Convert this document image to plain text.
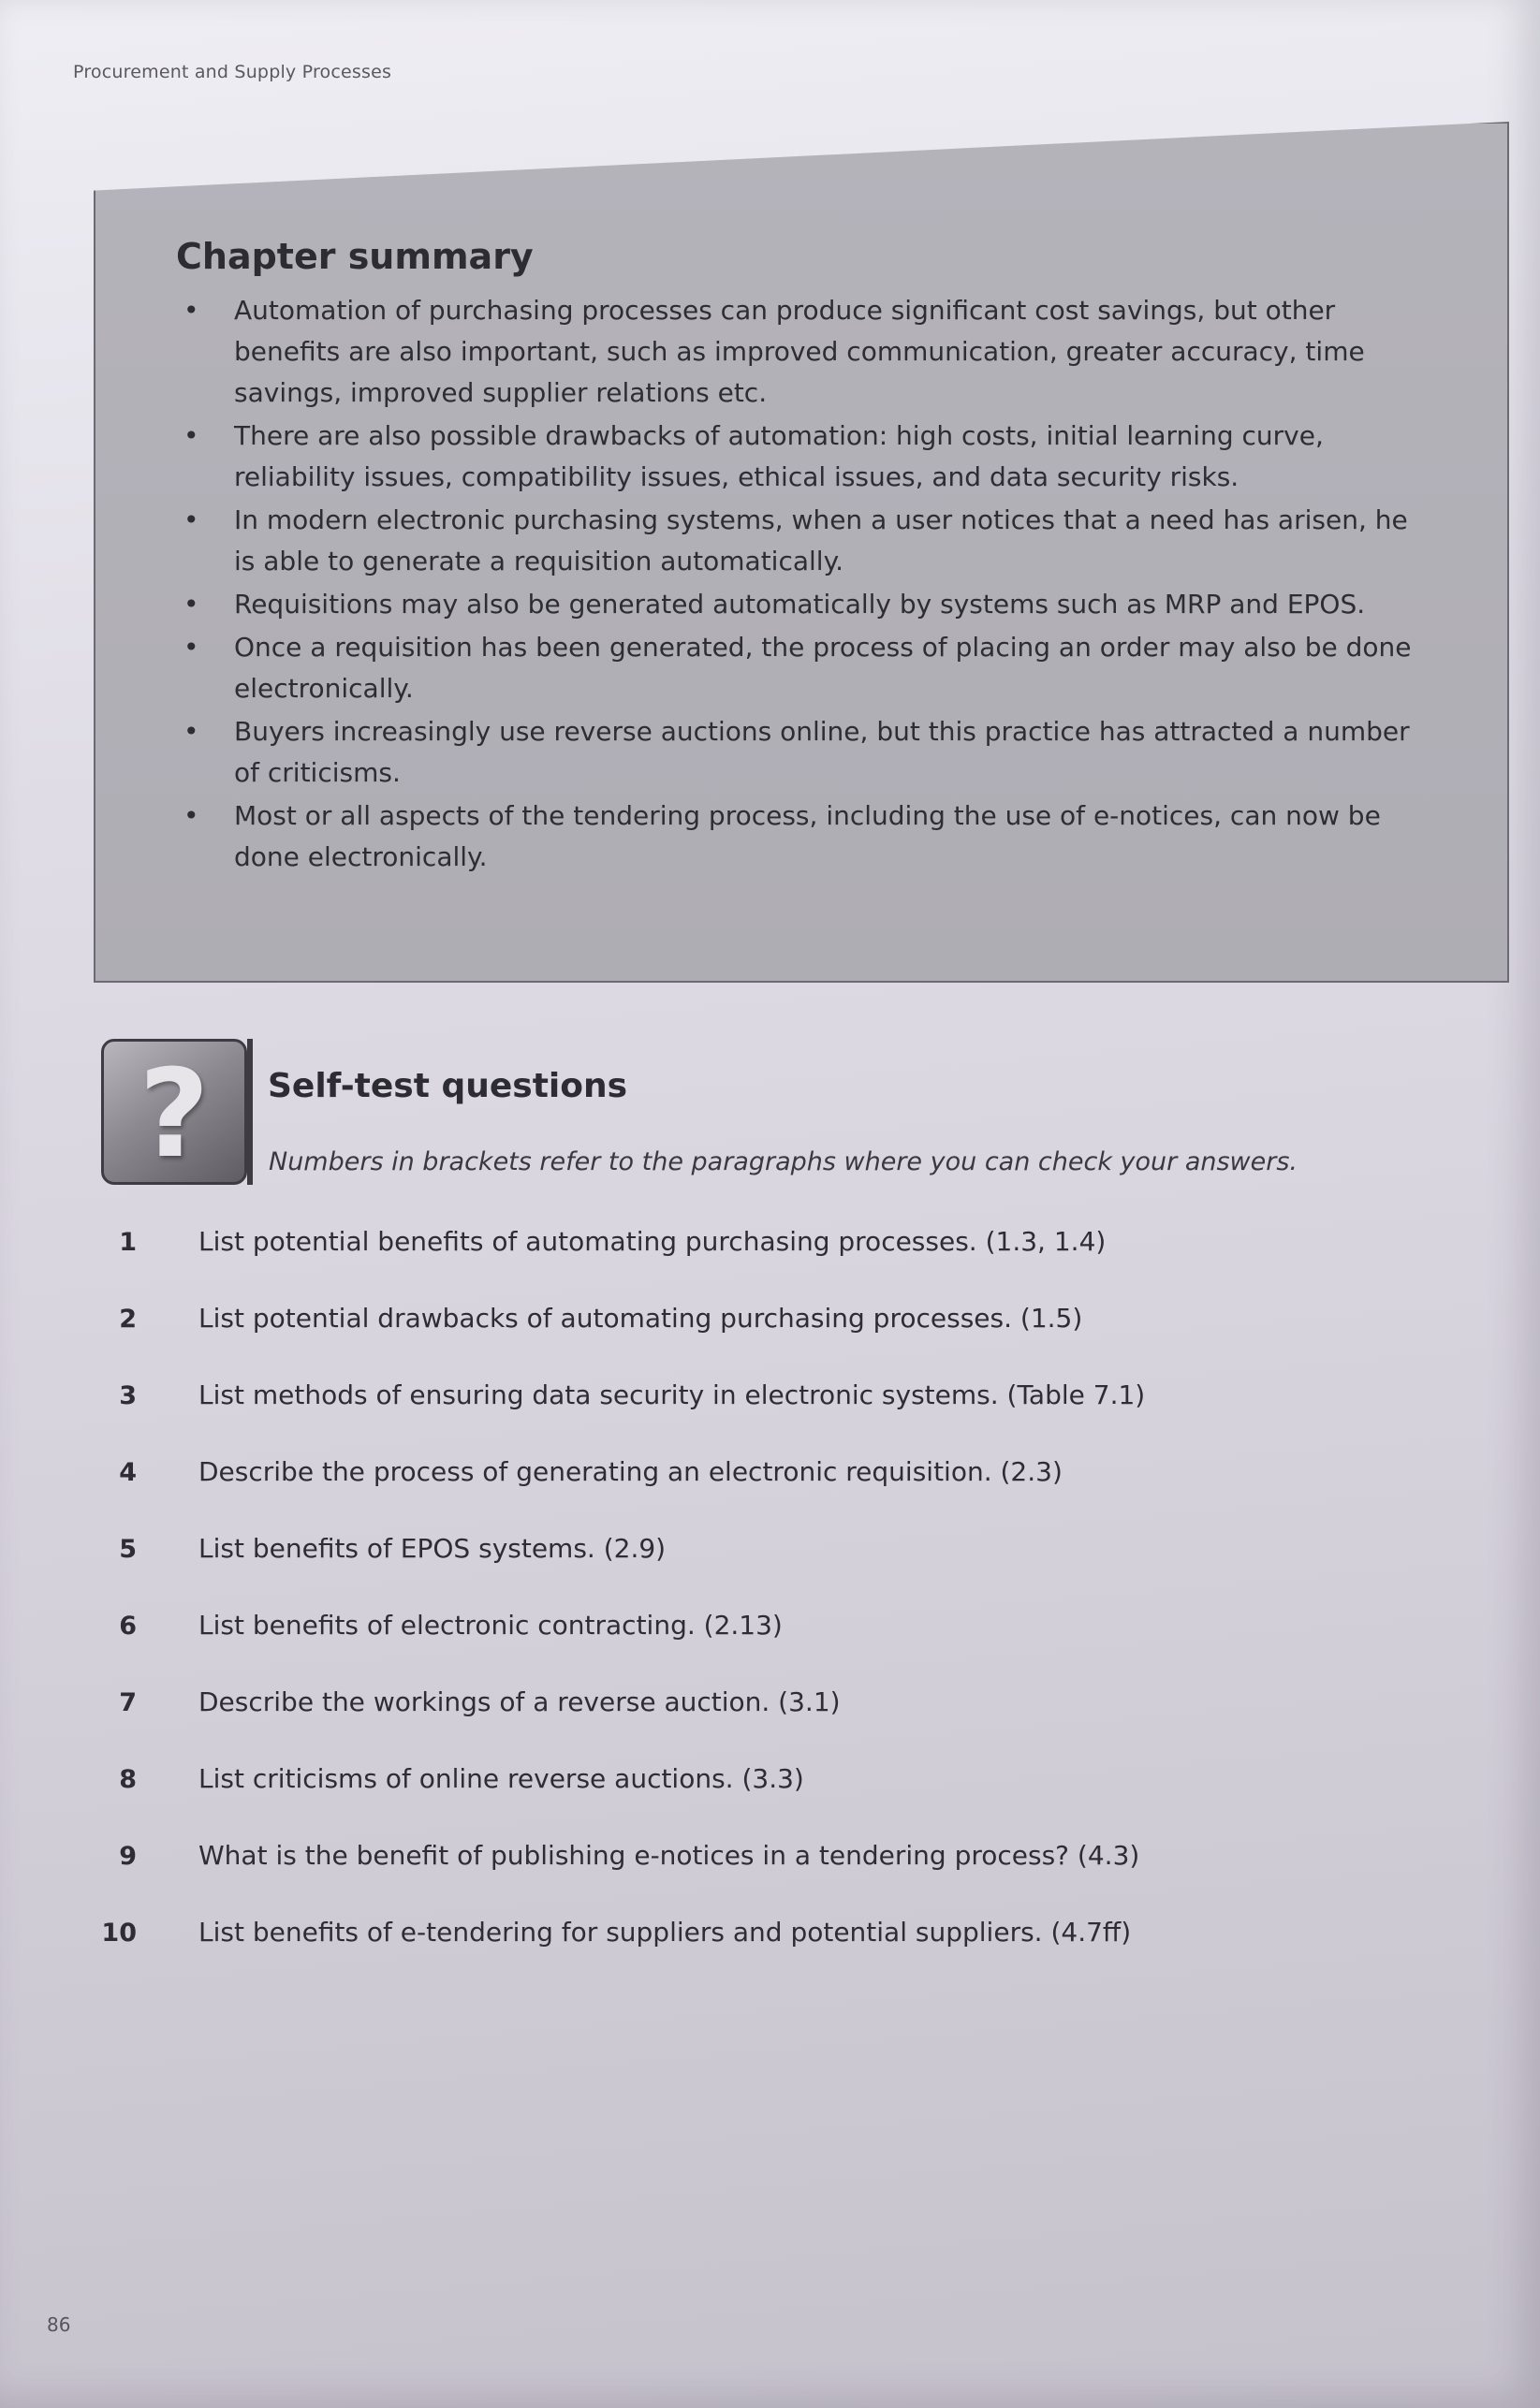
Procurement and Supply Processes
Chapter summary
• Automation of purchasing processes can produce significant cost savings, but other benefits are also important, such as improved communication, greater accuracy, time savings, improved supplier relations etc.
• There are also possible drawbacks of automation: high costs, initial learning curve, reliability issues, compatibility issues, ethical issues, and data security risks.
• In modern electronic purchasing systems, when a user notices that a need has arisen, he is able to generate a requisition automatically.
• Requisitions may also be generated automatically by systems such as MRP and EPOS.
• Once a requisition has been generated, the process of placing an order may also be done electronically.
• Buyers increasingly use reverse auctions online, but this practice has attracted a number of criticisms.
• Most or all aspects of the tendering process, including the use of e-notices, can now be done electronically.
?	Self-test questions
Numbers in brackets refer to the paragraphs where you can check your answers.
1 List potential benefits of automating purchasing processes. (1.3, 1.4)
2 List potential drawbacks of automating purchasing processes. (1.5)
3 List methods of ensuring data security in electronic systems. (Table 7.1)
4 Describe the process of generating an electronic requisition. (2.3)
5 List benefits of EPOS systems. (2.9)
6 List benefits of electronic contracting. (2.13)
7 Describe the workings of a reverse auction. (3.1)
8 List criticisms of online reverse auctions. (3.3)
9 What is the benefit of publishing e-notices in a tendering process? (4.3)
10 List benefits of e-tendering for suppliers and potential suppliers. (4.7ff)
86
